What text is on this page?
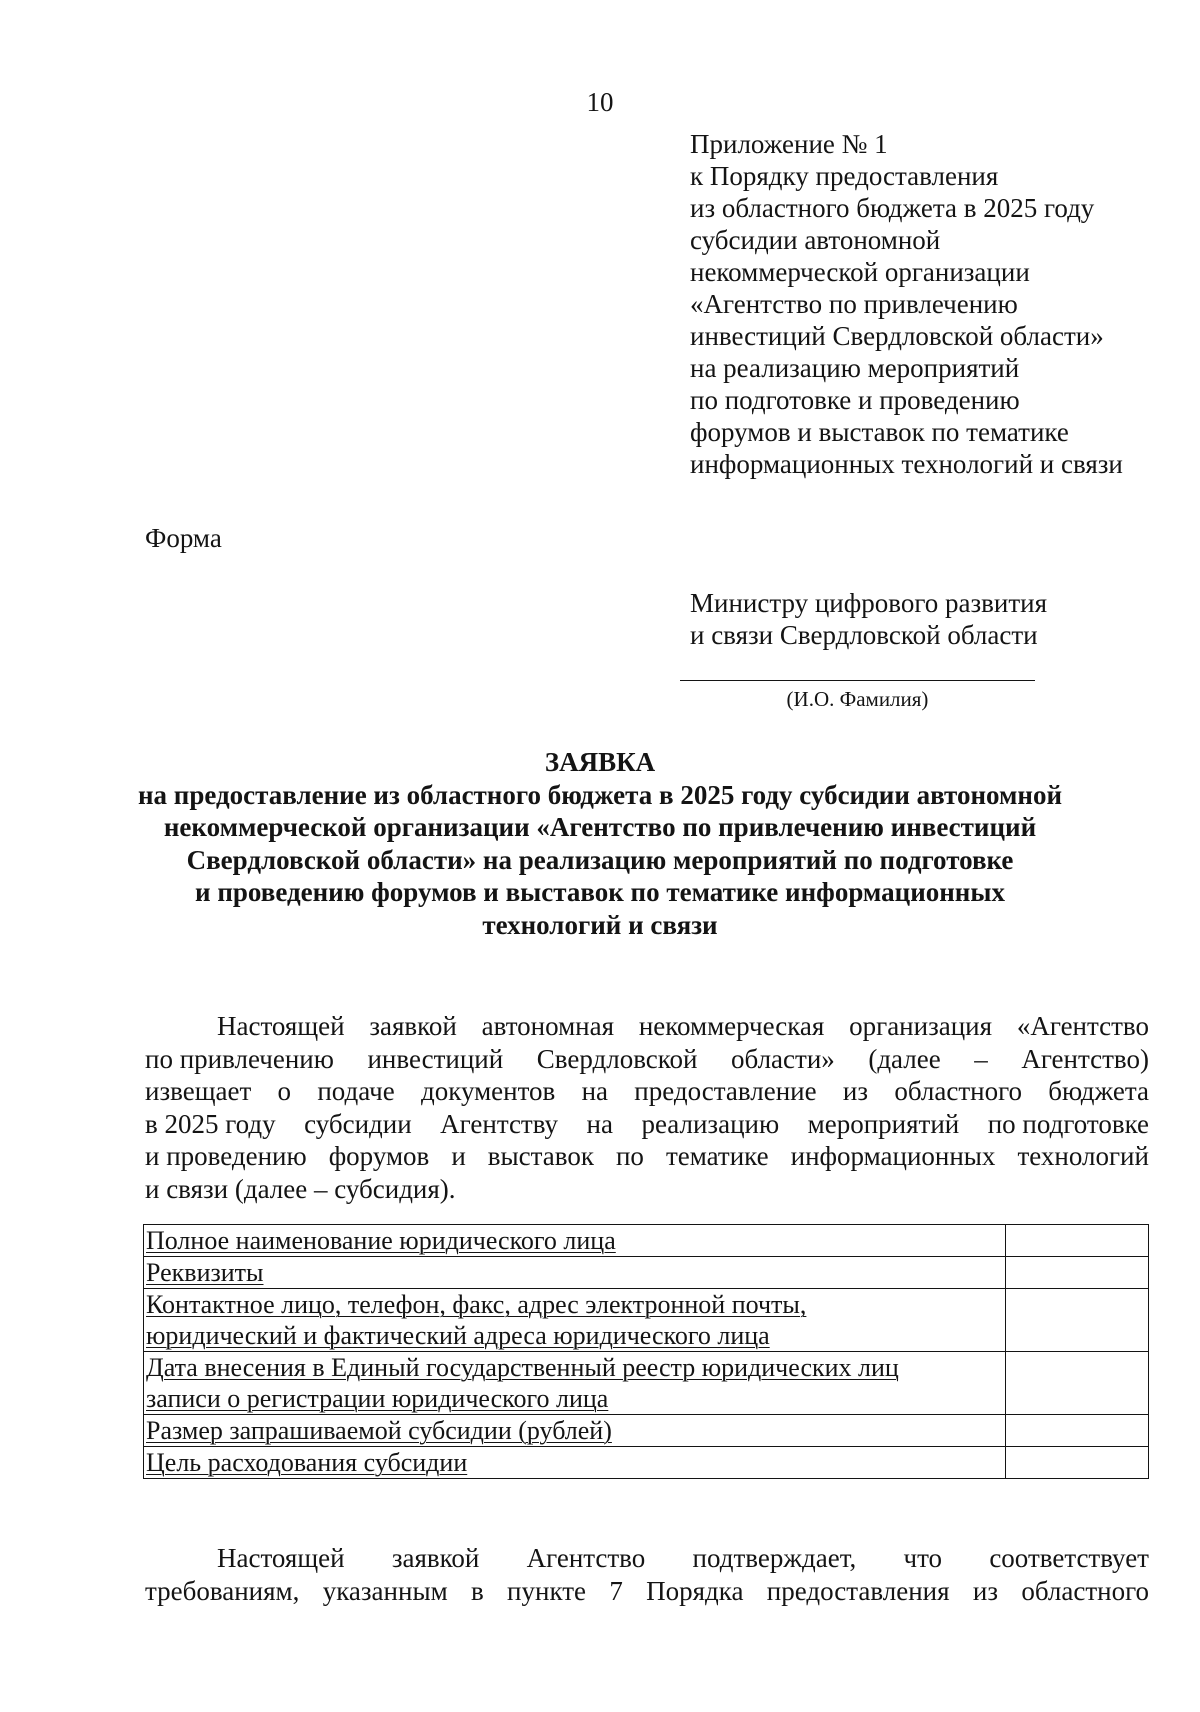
10
Приложение № 1
к Порядку предоставления
из областного бюджета в 2025 году
субсидии автономной
некоммерческой организации
«Агентство по привлечению
инвестиций Свердловской области»
на реализацию мероприятий
по подготовке и проведению
форумов и выставок по тематике
информационных технологий и связи
Форма
Министру цифрового развития
и связи Свердловской области
(И.О. Фамилия)
ЗАЯВКА
на предоставление из областного бюджета в 2025 году субсидии автономной
некоммерческой организации «Агентство по привлечению инвестиций
Свердловской области» на реализацию мероприятий по подготовке
и проведению форумов и выставок по тематике информационных
технологий и связи
Настоящей заявкой автономная некоммерческая организация «Агентство
по привлечению инвестиций Свердловской области» (далее – Агентство)
извещает о подаче документов на предоставление из областного бюджета
в 2025 году субсидии Агентству на реализацию мероприятий по подготовке
и проведению форумов и выставок по тематике информационных технологий
и связи (далее – субсидия).
Полное наименование юридического лица	

Реквизиты	

Контактное лицо, телефон, факс, адрес электронной почты,
юридический и фактический адреса юридического лица	

Дата внесения в Единый государственный реестр юридических лиц
записи о регистрации юридического лица	

Размер запрашиваемой субсидии (рублей)	

Цель расходования субсидии	

Настоящей заявкой Агентство подтверждает, что соответствует
требованиям, указанным в пункте 7 Порядка предоставления из областного
